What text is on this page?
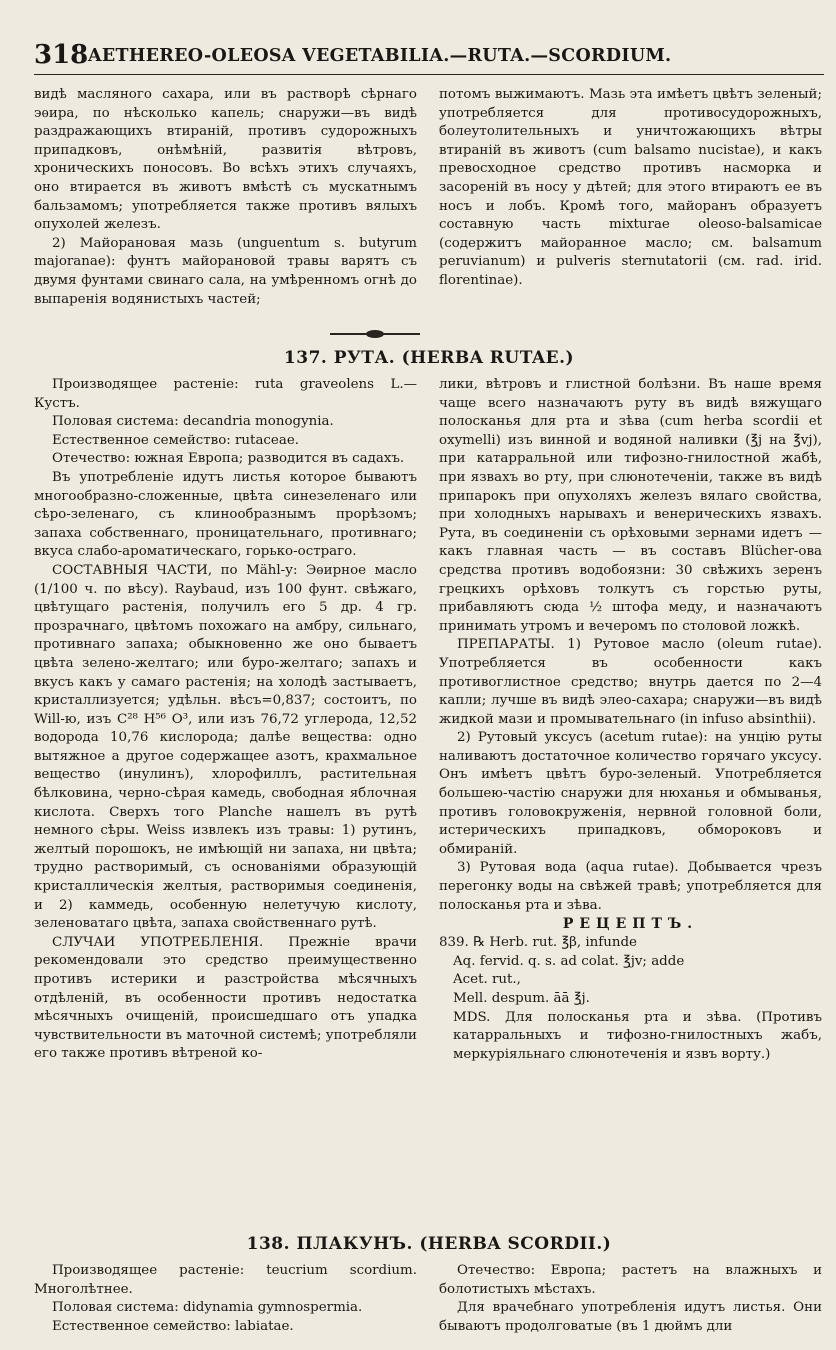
318 AETHEREO-OLEOSA VEGETABILIA.—RUTA.—SCORDIUM.

видѣ масляного сахара, или въ растворѣ сѣрнаго эѳира, по нѣсколько капель; снаружи—въ видѣ раздражающихъ втираній, противъ судорожныхъ припадковъ, онѣмѣній, развитія вѣтровъ, хроническихъ поносовъ. Во всѣхъ этихъ случаяхъ, оно втирается въ животъ вмѣстѣ съ мускатнымъ бальзамомъ; употребляется также противъ вялыхъ опухолей железъ.

2) Майорановая мазь (unguentum s. butyrum majoranae): фунтъ майорановой травы варятъ съ двумя фунтами свинаго сала, на умѣренномъ огнѣ до выпаренія водянистыхъ частей;

потомъ выжимаютъ. Мазь эта имѣетъ цвѣтъ зеленый; употребляется для противосудорожныхъ, болеутолительныхъ и уничтожающихъ вѣтры втираній въ животъ (cum balsamo nucistae), и какъ превосходное средство противъ насморка и засореній въ носу у дѣтей; для этого втираютъ ее въ носъ и лобъ. Кромѣ того, майоранъ образуетъ составную часть mixturae oleoso-balsamicae (содержитъ майоранное масло; см. balsamum peruvianum) и pulveris sternutatorii (см. rad. irid. florentinae).

137. РУТА. (HERBA RUTAE.)

Производящее растеніе: ruta graveolens L.— Кустъ.

Половая система: decandria monogynia.

Естественное семейство: rutaceae.

Отечество: южная Европа; разводится въ садахъ.

Въ употребленіе идутъ листья которое бываютъ многообразно-сложенные, цвѣта синезеленаго или сѣро-зеленаго, съ клинообразнымъ прорѣзомъ; запаха собственнаго, проницательнаго, противнаго; вкуса слабо-ароматическаго, горько-остраго.

СОСТАВНЫЯ ЧАСТИ, по Mähl-у: Эѳирное масло (1/100 ч. по вѣсу). Raybaud, изъ 100 фунт. свѣжаго, цвѣтущаго растенія, получилъ его 5 др. 4 гр. прозрачнаго, цвѣтомъ похожаго на амбру, сильнаго, противнаго запаха; обыкновенно же оно бываетъ цвѣта зелено-желтаго; или буро-желтаго; запахъ и вкусъ какъ у самаго растенія; на холодѣ застываетъ, кристаллизуется; удѣльн. вѣсъ=0,837; состоитъ, по Will-ю, изъ C²⁸ H⁵⁶ O³, или изъ 76,72 углерода, 12,52 водорода 10,76 кислорода; далѣе вещества: одно вытяжное а другое содержащее азотъ, крахмальное вещество (инулинъ), хлорофиллъ, растительная бѣлковина, черно-сѣрая камедь, свободная яблочная кислота. Сверхъ того Planche нашелъ въ рутѣ немного сѣры. Weiss извлекъ изъ травы: 1) рутинъ, желтый порошокъ, не имѣющій ни запаха, ни цвѣта; трудно растворимый, съ основаніями образующій кристаллическія желтыя, растворимыя соединенія, и 2) каммедь, особенную нелетучую кислоту, зеленоватаго цвѣта, запаха свойственнаго рутѣ.

СЛУЧАИ УПОТРЕБЛЕНІЯ. Прежніе врачи рекомендовали это средство преимущественно противъ истерики и разстройства мѣсячныхъ отдѣленій, въ особенности противъ недостатка мѣсячныхъ очищеній, происшедшаго отъ упадка чувствительности въ маточной системѣ; употребляли его также противъ вѣтреной ко-

лики, вѣтровъ и глистной болѣзни. Въ наше время чаще всего назначаютъ руту въ видѣ вяжущаго полосканья для рта и зѣва (cum herba scordii et oxymelli) изъ винной и водяной наливки (℥j на ℥vj), при катарральной или тифозно-гнилостной жабѣ, при язвахъ во рту, при слюнотеченіи, также въ видѣ припарокъ при опухоляхъ железъ вялаго свойства, при холодныхъ нарывахъ и венерическихъ язвахъ. Рута, въ соединеніи съ орѣховыми зернами идетъ — какъ главная часть — въ составъ Blücher-ова средства противъ водобоязни: 30 свѣжихъ зеренъ грецкихъ орѣховъ толкутъ съ горстью руты, прибавляютъ сюда ½ штофа меду, и назначаютъ принимать утромъ и вечеромъ по столовой ложкѣ.

ПРЕПАРАТЫ. 1) Рутовое масло (oleum rutae). Употребляется въ особенности какъ противоглистное средство; внутрь дается по 2—4 капли; лучше въ видѣ элео-сахара; снаружи—въ видѣ жидкой мази и промывательнаго (in infuso absinthii).

2) Рутовый уксусъ (acetum rutae): на унцію руты наливаютъ достаточное количество горячаго уксусу. Онъ имѣетъ цвѣтъ буро-зеленый. Употребляется большею-частію снаружи для нюханья и обмыванья, противъ головокруженія, нервной головной боли, истерическихъ припадковъ, обмороковъ и обмираній.

3) Рутовая вода (aqua rutae). Добывается чрезъ перегонку воды на свѣжей травѣ; употребляется для полосканья рта и зѣва.

РЕЦЕПТЪ.

839. ℞ Herb. rut. ℥β, infunde

Aq. fervid. q. s. ad colat. ℥jv; adde

Acet. rut.,

Mell. despum. āā ℥j.

MDS. Для полосканья рта и зѣва. (Противъ катарральныхъ и тифозно-гнилостныхъ жабъ, меркуріяльнаго слюнотеченія и язвъ ворту.)

138. ПЛАКУНЪ. (HERBA SCORDII.)

Производящее растеніе: teucrium scordium. Многолѣтнее.

Половая система: didynamia gymnospermia.

Естественное семейство: labiatae.

Отечество: Европа; растетъ на влажныхъ и болотистыхъ мѣстахъ.

Для врачебнаго употребленія идутъ листья. Они бываютъ продолговатые (въ 1 дюймъ дли
